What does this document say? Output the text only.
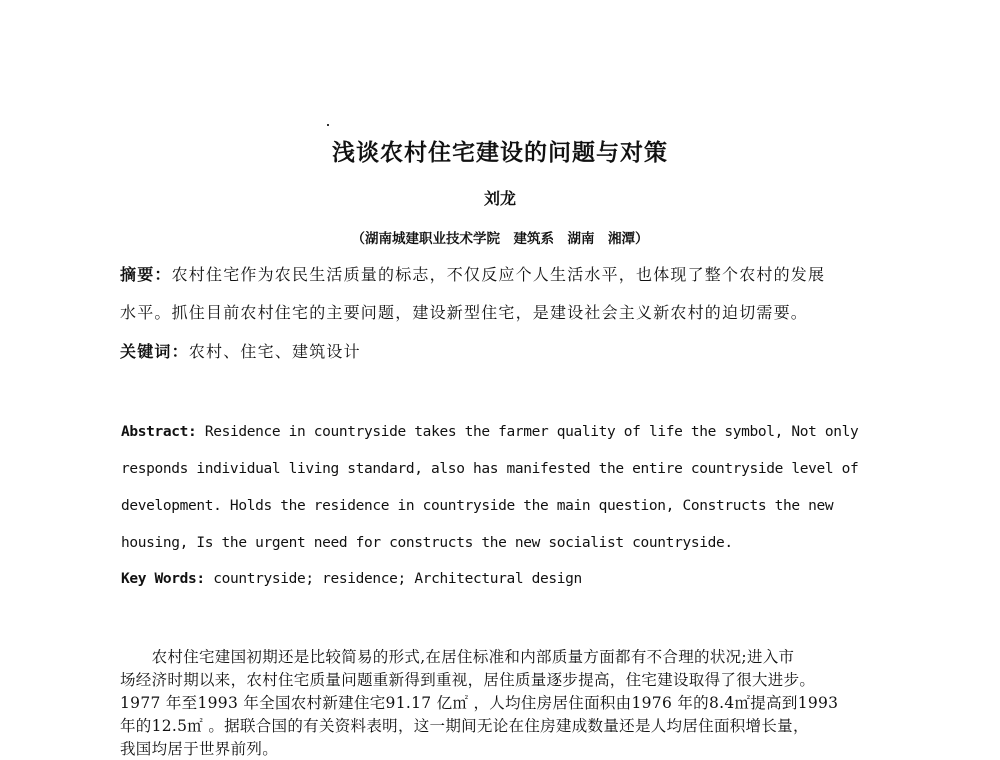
浅谈农村住宅建设的问题与对策
刘龙
（湖南城建职业技术学院　建筑系　湖南　湘潭）
摘要：农村住宅作为农民生活质量的标志，不仅反应个人生活水平，也体现了整个农村的发展
水平。抓住目前农村住宅的主要问题，建设新型住宅，是建设社会主义新农村的迫切需要。
关键词：农村、住宅、建筑设计
Abstract: Residence in countryside takes the farmer quality of life the symbol, Not only
responds individual living standard, also has manifested the entire countryside level of
development. Holds the residence in countryside the main question, Constructs the new
housing, Is the urgent need for constructs the new socialist countryside.
Key Words: countryside; residence; Architectural design
　　农村住宅建国初期还是比较简易的形式,在居住标准和内部质量方面都有不合理的状况;进入市
场经济时期以来，农村住宅质量问题重新得到重视，居住质量逐步提高，住宅建设取得了很大进步。
1977 年至1993 年全国农村新建住宅91.17 亿㎡ ，人均住房居住面积由1976 年的8.4㎡提高到1993
年的12.5㎡ 。据联合国的有关资料表明，这一期间无论在住房建成数量还是人均居住面积增长量，
我国均居于世界前列。
